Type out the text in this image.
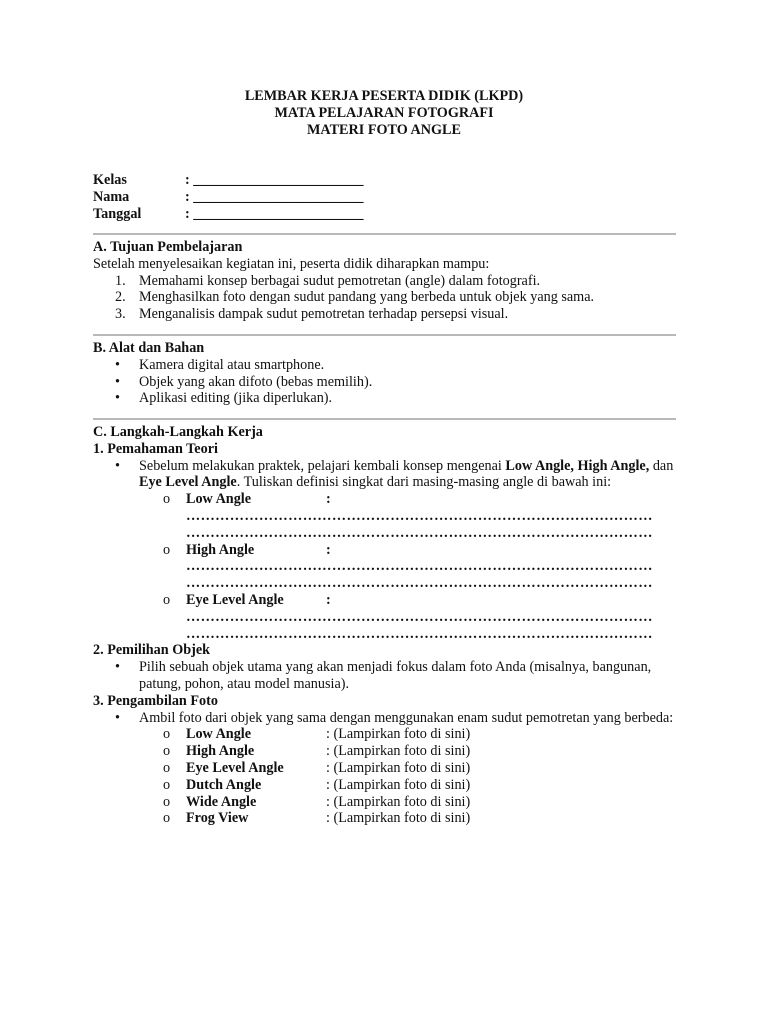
LEMBAR KERJA PESERTA DIDIK (LKPD)
MATA PELAJARAN FOTOGRAFI
MATERI FOTO ANGLE
Kelas	: ________________________
Nama	: ________________________
Tanggal	: ________________________
A. Tujuan Pembelajaran
Setelah menyelesaikan kegiatan ini, peserta didik diharapkan mampu:
1. Memahami konsep berbagai sudut pemotretan (angle) dalam fotografi.
2. Menghasilkan foto dengan sudut pandang yang berbeda untuk objek yang sama.
3. Menganalisis dampak sudut pemotretan terhadap persepsi visual.
B. Alat dan Bahan
•	Kamera digital atau smartphone.
•	Objek yang akan difoto (bebas memilih).
•	Aplikasi editing (jika diperlukan).
C. Langkah-Langkah Kerja
1. Pemahaman Teori
•	Sebelum melakukan praktek, pelajari kembali konsep mengenai Low Angle, High Angle, dan Eye Level Angle. Tuliskan definisi singkat dari masing-masing angle di bawah ini:
o	Low Angle	:
……………………………………………………………………………………
……………………………………………………………………………………
o	High Angle	:
……………………………………………………………………………………
……………………………………………………………………………………
o	Eye Level Angle	:
……………………………………………………………………………………
……………………………………………………………………………………
2. Pemilihan Objek
•	Pilih sebuah objek utama yang akan menjadi fokus dalam foto Anda (misalnya, bangunan, patung, pohon, atau model manusia).
3. Pengambilan Foto
•	Ambil foto dari objek yang sama dengan menggunakan enam sudut pemotretan yang berbeda:
o	Low Angle	: (Lampirkan foto di sini)
o	High Angle	: (Lampirkan foto di sini)
o	Eye Level Angle	: (Lampirkan foto di sini)
o	Dutch Angle	: (Lampirkan foto di sini)
o	Wide Angle	: (Lampirkan foto di sini)
o	Frog View	: (Lampirkan foto di sini)
